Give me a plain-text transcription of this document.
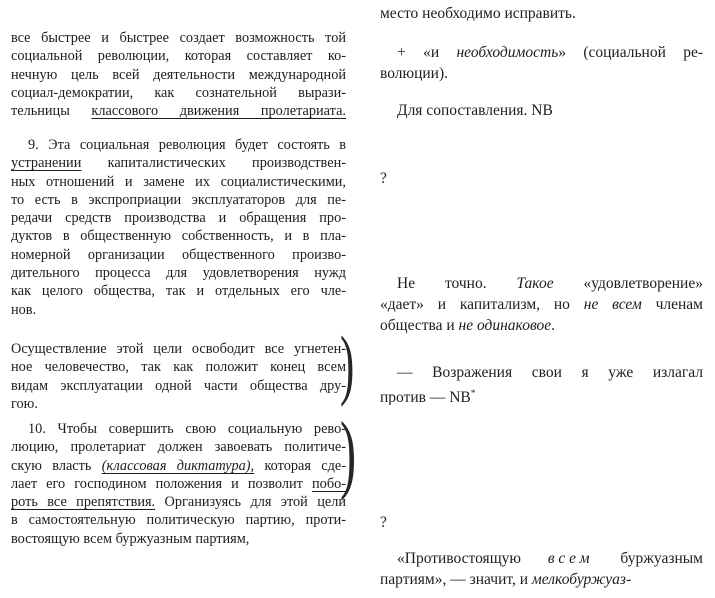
все быстрее и быстрее создает возможность той
социальной революции, которая составляет ко-
нечную цель всей деятельности международной
социал-демократии, как сознательной вырази-
тельницы классового движения пролетариата.
9. Эта социальная революция будет состоять в
устранении капиталистических производствен-
ных отношений и замене их социалистическими,
то есть в экспроприации эксплуататоров для пе-
редачи средств производства и обращения про-
дуктов в общественную собственность, и в пла-
номерной организации общественного произво-
дительного процесса для удовлетворения нужд
как целого общества, так и отдельных его чле-
нов.
Осуществление этой цели освободит все угнетен-
ное человечество, так как положит конец всем
видам эксплуатации одной части общества дру-
гою.
10. Чтобы совершить свою социальную рево-
люцию, пролетариат должен завоевать политиче-
скую власть (классовая диктатура), которая сде-
лает его господином положения и позволит побо-
роть все препятствия. Организуясь для этой цели
в самостоятельную политическую партию, проти-
востоящую всем буржуазным партиям,
)
)
место необходимо исправить.
+ «и необходимость» (социальной ре-
волюции).
Для сопоставления. NB
?
Не точно. Такое «удовлетворение»
«дает» и капитализм, но не всем членам
общества и не одинаковое.
— Возражения свои я уже излагал
против — NB*
?
«Противостоящую всем буржуазным
партиям», — значит, и мелкобуржуаз-
